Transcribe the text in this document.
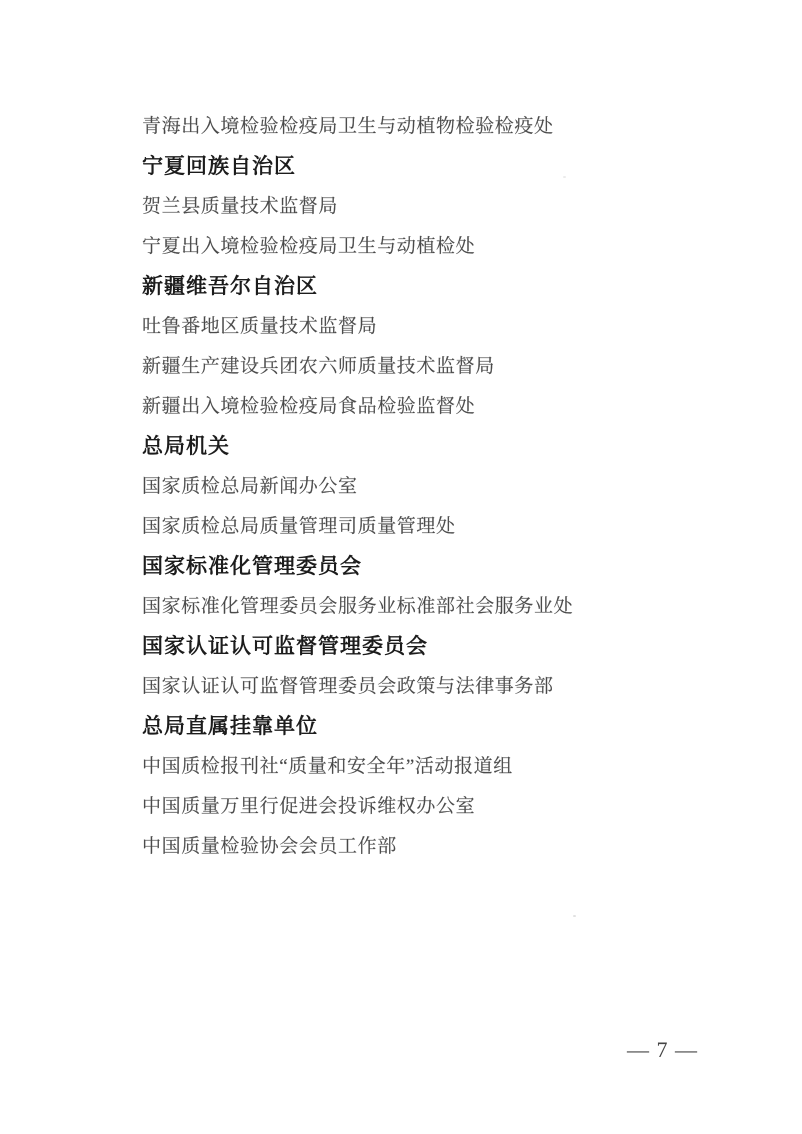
青海出入境检验检疫局卫生与动植物检验检疫处
宁夏回族自治区
贺兰县质量技术监督局
宁夏出入境检验检疫局卫生与动植检处
新疆维吾尔自治区
吐鲁番地区质量技术监督局
新疆生产建设兵团农六师质量技术监督局
新疆出入境检验检疫局食品检验监督处
总局机关
国家质检总局新闻办公室
国家质检总局质量管理司质量管理处
国家标准化管理委员会
国家标准化管理委员会服务业标准部社会服务业处
国家认证认可监督管理委员会
国家认证认可监督管理委员会政策与法律事务部
总局直属挂靠单位
中国质检报刊社“质量和安全年”活动报道组
中国质量万里行促进会投诉维权办公室
中国质量检验协会会员工作部
— 7 —
